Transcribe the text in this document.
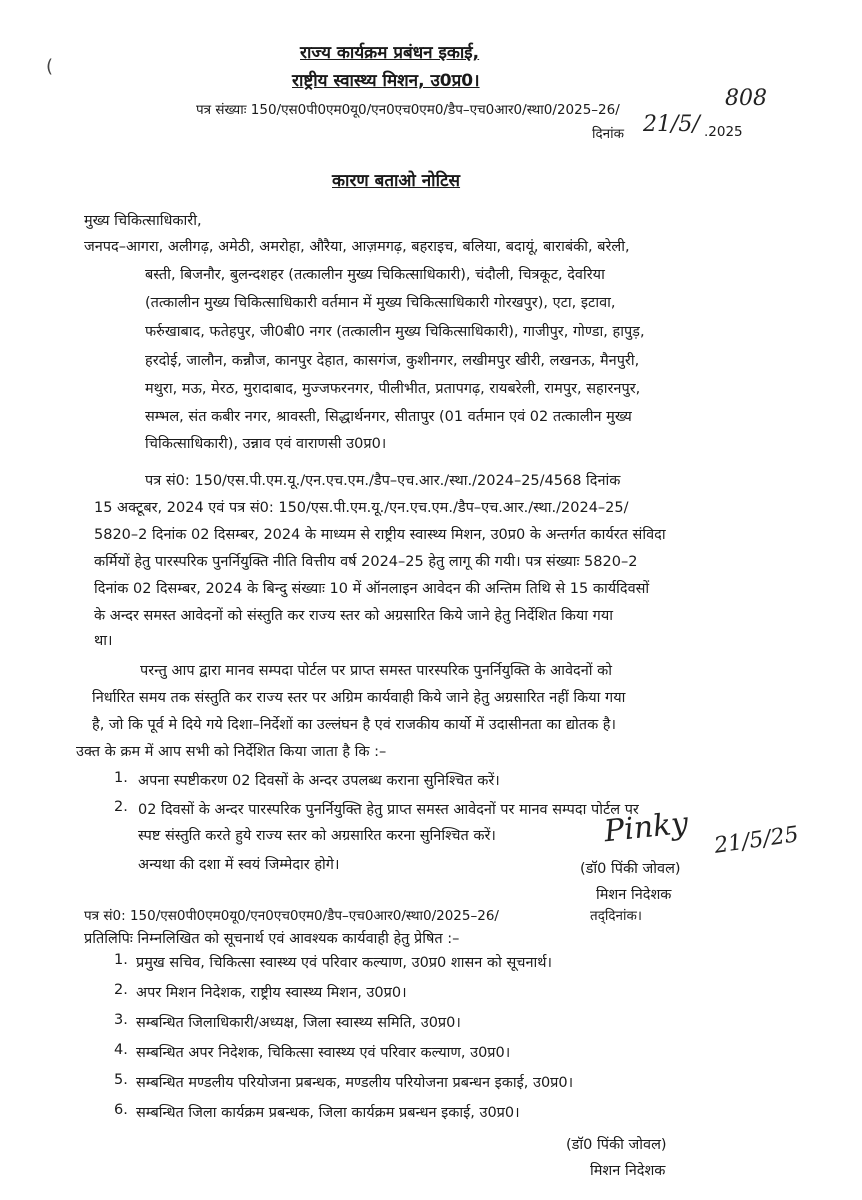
(
राज्य कार्यक्रम प्रबंधन इकाई,
राष्ट्रीय स्वास्थ्य मिशन, उ0प्र0।
पत्र संख्याः 150/एस0पी0एम0यू0/एन0एच0एम0/डैप–एच0आर0/स्था0/2025–26/	808
दिनांक 21/5/ .2025
कारण बताओ नोटिस
मुख्य चिकित्साधिकारी,
जनपद–आगरा, अलीगढ़, अमेठी, अमरोहा, औरैया, आज़मगढ़, बहराइच, बलिया, बदायूं, बाराबंकी, बरेली,
बस्ती, बिजनौर, बुलन्दशहर (तत्कालीन मुख्य चिकित्साधिकारी), चंदौली, चित्रकूट, देवरिया
(तत्कालीन मुख्य चिकित्साधिकारी वर्तमान में मुख्य चिकित्साधिकारी गोरखपुर), एटा, इटावा,
फर्रुखाबाद, फतेहपुर, जी0बी0 नगर (तत्कालीन मुख्य चिकित्साधिकारी), गाजीपुर, गोण्डा, हापुड़,
हरदोई, जालौन, कन्नौज, कानपुर देहात, कासगंज, कुशीनगर, लखीमपुर खीरी, लखनऊ, मैनपुरी,
मथुरा, मऊ, मेरठ, मुरादाबाद, मुज्जफरनगर, पीलीभीत, प्रतापगढ़, रायबरेली, रामपुर, सहारनपुर,
सम्भल, संत कबीर नगर, श्रावस्ती, सिद्धार्थनगर, सीतापुर (01 वर्तमान एवं 02 तत्कालीन मुख्य
चिकित्साधिकारी), उन्नाव एवं वाराणसी उ0प्र0।
पत्र सं0: 150/एस.पी.एम.यू./एन.एच.एम./डैप–एच.आर./स्था./2024–25/4568 दिनांक
15 अक्टूबर, 2024 एवं पत्र सं0: 150/एस.पी.एम.यू./एन.एच.एम./डैप–एच.आर./स्था./2024–25/
5820–2 दिनांक 02 दिसम्बर, 2024 के माध्यम से राष्ट्रीय स्वास्थ्य मिशन, उ0प्र0 के अन्तर्गत कार्यरत संविदा
कर्मियों हेतु पारस्परिक पुनर्नियुक्ति नीति वित्तीय वर्ष 2024–25 हेतु लागू की गयी। पत्र संख्याः 5820–2
दिनांक 02 दिसम्बर, 2024 के बिन्दु संख्याः 10 में ऑनलाइन आवेदन की अन्तिम तिथि से 15 कार्यदिवसों
के अन्दर समस्त आवेदनों को संस्तुति कर राज्य स्तर को अग्रसारित किये जाने हेतु निर्देशित किया गया
था।
परन्तु आप द्वारा मानव सम्पदा पोर्टल पर प्राप्त समस्त पारस्परिक पुनर्नियुक्ति के आवेदनों को
निर्धारित समय तक संस्तुति कर राज्य स्तर पर अग्रिम कार्यवाही किये जाने हेतु अग्रसारित नहीं किया गया
है, जो कि पूर्व मे दिये गये दिशा–निर्देशों का उल्लंघन है एवं राजकीय कार्यो में उदासीनता का द्योतक है।
उक्त के क्रम में आप सभी को निर्देशित किया जाता है कि :–
1. अपना स्पष्टीकरण 02 दिवसों के अन्दर उपलब्ध कराना सुनिश्चित करें।
2. 02 दिवसों के अन्दर पारस्परिक पुनर्नियुक्ति हेतु प्राप्त समस्त आवेदनों पर मानव सम्पदा पोर्टल पर
स्पष्ट संस्तुति करते हुये राज्य स्तर को अग्रसारित करना सुनिश्चित करें।
अन्यथा की दशा में स्वयं जिम्मेदार होगे।
Pinky 21/5/25
(डॉ0 पिंकी जोवल)
मिशन निदेशक
पत्र सं0: 150/एस0पी0एम0यू0/एन0एच0एम0/डैप–एच0आर0/स्था0/2025–26/	तद्‌दिनांक।
प्रतिलिपिः निम्नलिखित को सूचनार्थ एवं आवश्यक कार्यवाही हेतु प्रेषित :–
1. प्रमुख सचिव, चिकित्सा स्वास्थ्य एवं परिवार कल्याण, उ0प्र0 शासन को सूचनार्थ।
2. अपर मिशन निदेशक, राष्ट्रीय स्वास्थ्य मिशन, उ0प्र0।
3. सम्बन्धित जिलाधिकारी/अध्यक्ष, जिला स्वास्थ्य समिति, उ0प्र0।
4. सम्बन्धित अपर निदेशक, चिकित्सा स्वास्थ्य एवं परिवार कल्याण, उ0प्र0।
5. सम्बन्धित मण्डलीय परियोजना प्रबन्धक, मण्डलीय परियोजना प्रबन्धन इकाई, उ0प्र0।
6. सम्बन्धित जिला कार्यक्रम प्रबन्धक, जिला कार्यक्रम प्रबन्धन इकाई, उ0प्र0।
(डॉ0 पिंकी जोवल)
मिशन निदेशक
